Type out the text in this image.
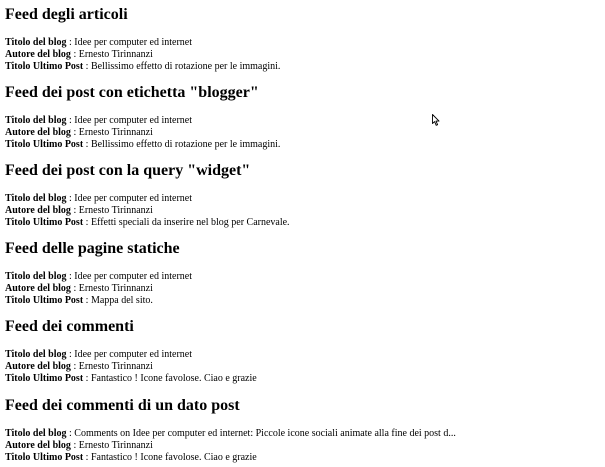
Feed degli articoli
Titolo del blog : Idee per computer ed internet
Autore del blog : Ernesto Tirinnanzi
Titolo Ultimo Post : Bellissimo effetto di rotazione per le immagini.
Feed dei post con etichetta "blogger"
Titolo del blog : Idee per computer ed internet
Autore del blog : Ernesto Tirinnanzi
Titolo Ultimo Post : Bellissimo effetto di rotazione per le immagini.
Feed dei post con la query "widget"
Titolo del blog : Idee per computer ed internet
Autore del blog : Ernesto Tirinnanzi
Titolo Ultimo Post : Effetti speciali da inserire nel blog per Carnevale.
Feed delle pagine statiche
Titolo del blog : Idee per computer ed internet
Autore del blog : Ernesto Tirinnanzi
Titolo Ultimo Post : Mappa del sito.
Feed dei commenti
Titolo del blog : Idee per computer ed internet
Autore del blog : Ernesto Tirinnanzi
Titolo Ultimo Post : Fantastico ! Icone favolose. Ciao e grazie
Feed dei commenti di un dato post
Titolo del blog : Comments on Idee per computer ed internet: Piccole icone sociali animate alla fine dei post d...
Autore del blog : Ernesto Tirinnanzi
Titolo Ultimo Post : Fantastico ! Icone favolose. Ciao e grazie
